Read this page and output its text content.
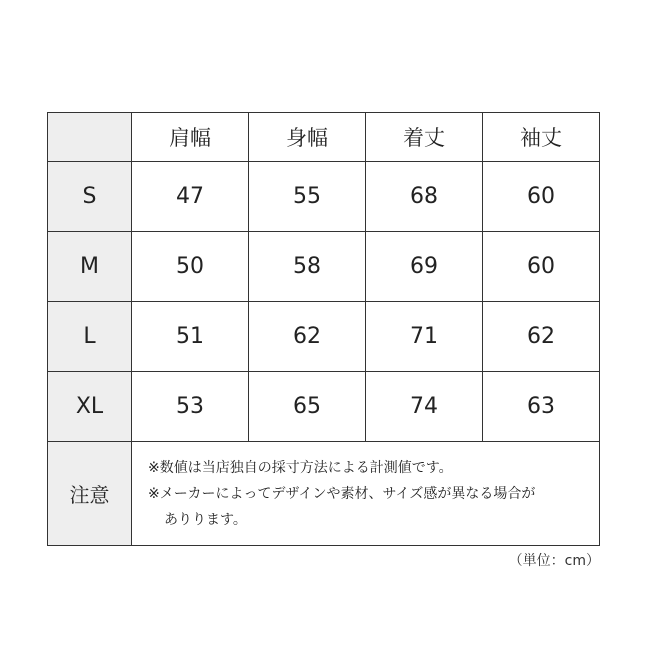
	肩幅	身幅	着丈	袖丈
S	47	55	68	60
M	50	58	69	60
L	51	62	71	62
XL	53	65	74	63
注意	※数値は当店独自の採寸方法による計測値です。
※メーカーによってデザインや素材、サイズ感が異なる場合が
ありります。			
（単位：cm）
